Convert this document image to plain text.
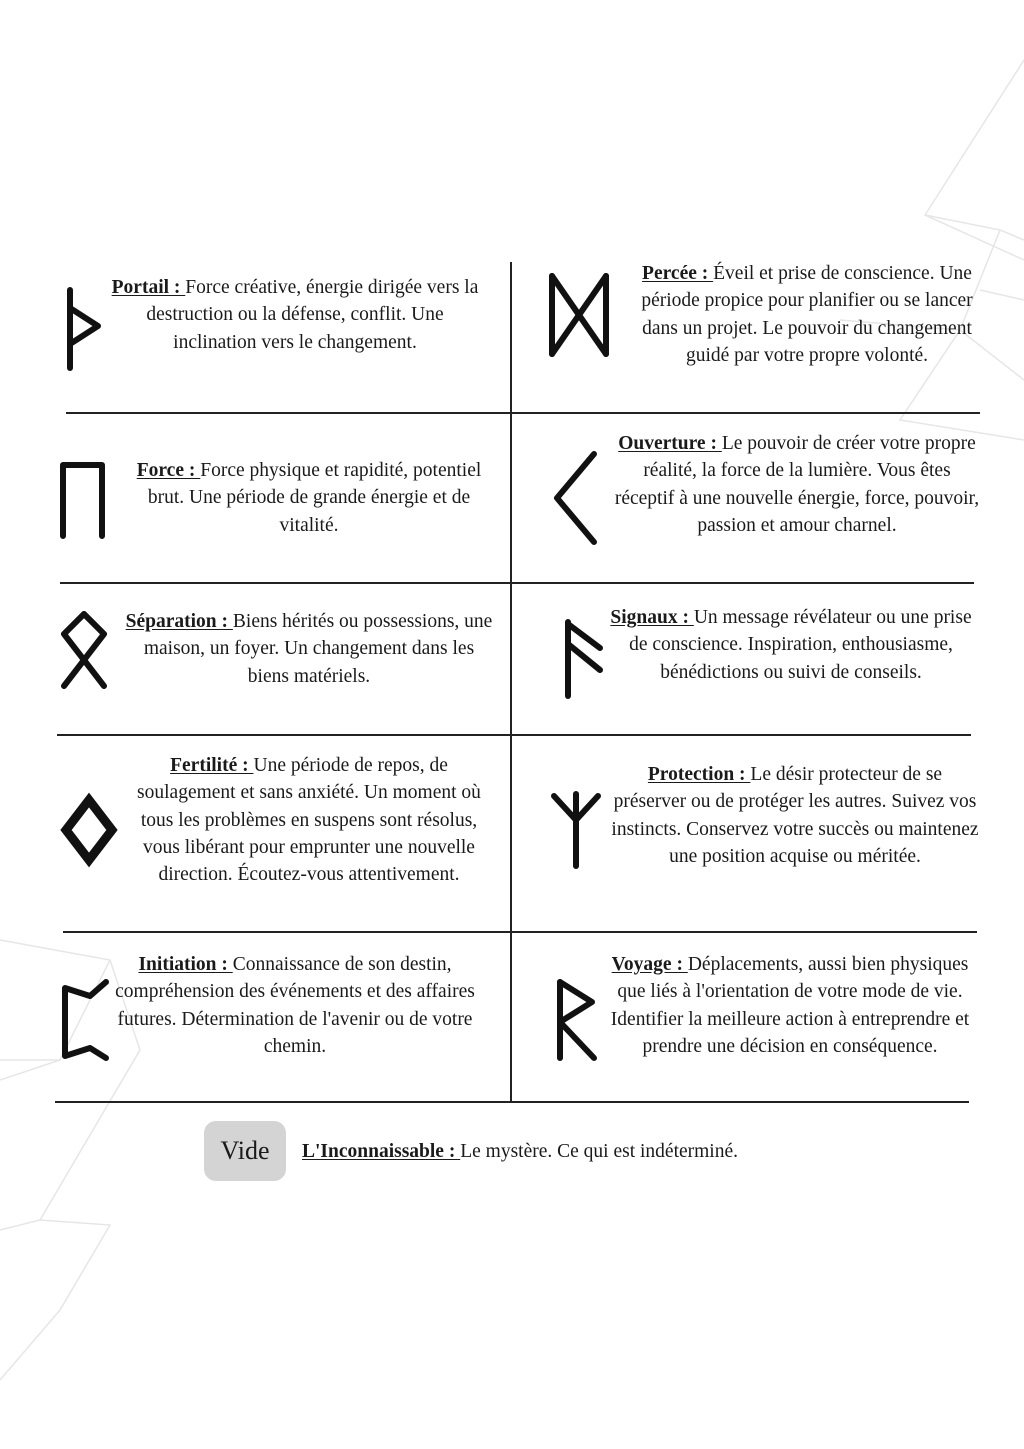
Portail : Force créative, énergie dirigée vers la destruction ou la défense, conflit. Une inclination vers le changement.
Percée : Éveil et prise de conscience. Une période propice pour planifier ou se lancer dans un projet. Le pouvoir du changement guidé par votre propre volonté.
Force : Force physique et rapidité, potentiel brut. Une période de grande énergie et de vitalité.
Ouverture : Le pouvoir de créer votre propre réalité, la force de la lumière. Vous êtes réceptif à une nouvelle énergie, force, pouvoir, passion et amour charnel.
Séparation : Biens hérités ou possessions, une maison, un foyer. Un changement dans les biens matériels.
Signaux : Un message révélateur ou une prise de conscience. Inspiration, enthousiasme, bénédictions ou suivi de conseils.
Fertilité : Une période de repos, de soulagement et sans anxiété. Un moment où tous les problèmes en suspens sont résolus, vous libérant pour emprunter une nouvelle direction. Écoutez-vous attentivement.
Protection : Le désir protecteur de se préserver ou de protéger les autres. Suivez vos instincts. Conservez votre succès ou maintenez une position acquise ou méritée.
Initiation : Connaissance de son destin, compréhension des événements et des affaires futures. Détermination de l'avenir ou de votre chemin.
Voyage : Déplacements, aussi bien physiques que liés à l'orientation de votre mode de vie. Identifier la meilleure action à entreprendre et prendre une décision en conséquence.
Vide	L'Inconnaissable : Le mystère. Ce qui est indéterminé.
